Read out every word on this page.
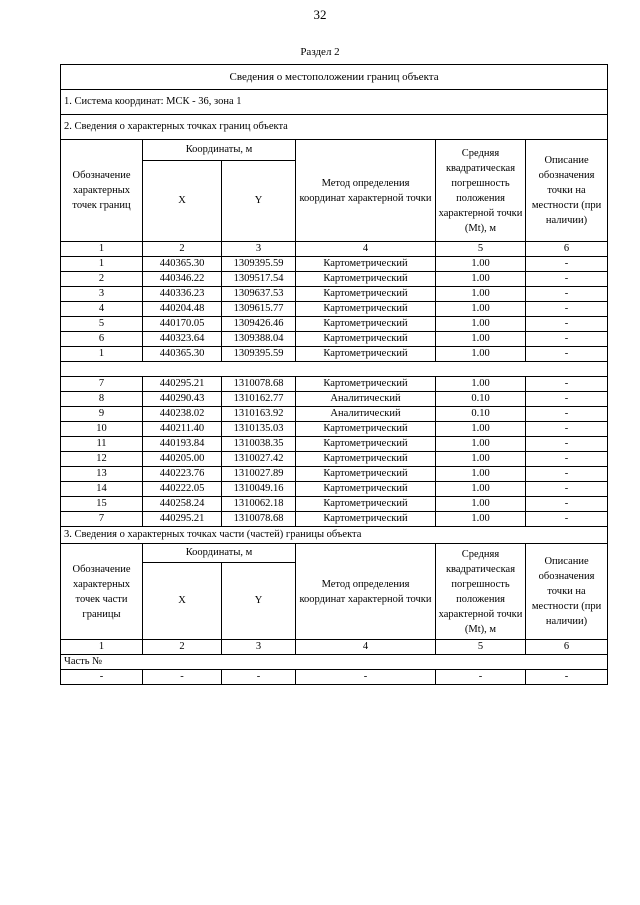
32
Раздел 2
Сведения о местоположении границ объекта					
1. Система координат: МСК - 36, зона 1					
2. Сведения о характерных точках границ объекта					
Обозначение характерных точек границ	Координаты, м		Метод определения координат характерной точки	Средняя квадратическая погрешность положения характерной точки (Mt), м	Описание обозначения точки на местности (при наличии)
	X	Y			
1	2	3	4	5	6
1	440365.30	1309395.59	Картометрический	1.00	-
2	440346.22	1309517.54	Картометрический	1.00	-
3	440336.23	1309637.53	Картометрический	1.00	-
4	440204.48	1309615.77	Картометрический	1.00	-
5	440170.05	1309426.46	Картометрический	1.00	-
6	440323.64	1309388.04	Картометрический	1.00	-
1	440365.30	1309395.59	Картометрический	1.00	-

7	440295.21	1310078.68	Картометрический	1.00	-
8	440290.43	1310162.77	Аналитический	0.10	-
9	440238.02	1310163.92	Аналитический	0.10	-
10	440211.40	1310135.03	Картометрический	1.00	-
11	440193.84	1310038.35	Картометрический	1.00	-
12	440205.00	1310027.42	Картометрический	1.00	-
13	440223.76	1310027.89	Картометрический	1.00	-
14	440222.05	1310049.16	Картометрический	1.00	-
15	440258.24	1310062.18	Картометрический	1.00	-
7	440295.21	1310078.68	Картометрический	1.00	-
3. Сведения о характерных точках части (частей) границы объекта					
Обозначение характерных точек части границы	Координаты, м		Метод определения координат характерной точки	Средняя квадратическая погрешность положения характерной точки (Mt), м	Описание обозначения точки на местности (при наличии)
	X	Y			
1	2	3	4	5	6
Часть №					
-	-	-	-	-	-
